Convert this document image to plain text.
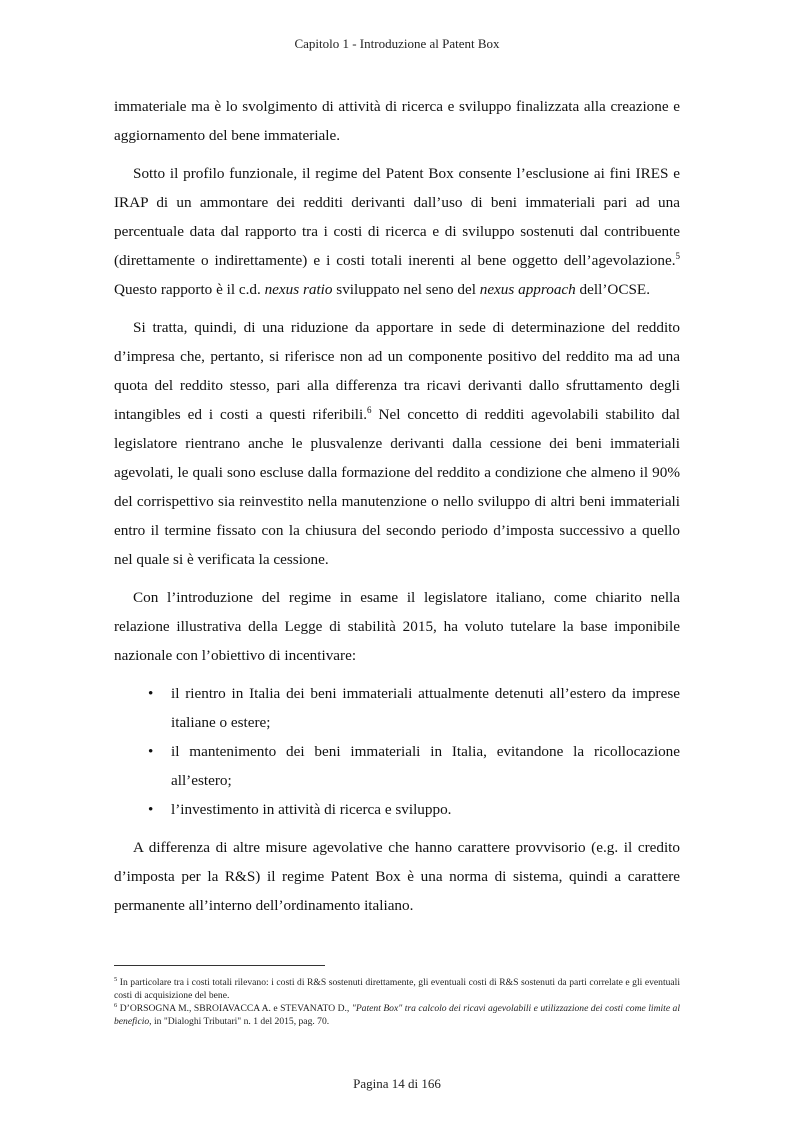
Capitolo 1 - Introduzione al Patent Box

immateriale ma è lo svolgimento di attività di ricerca e sviluppo finalizzata alla creazione e aggiornamento del bene immateriale.

Sotto il profilo funzionale, il regime del Patent Box consente l’esclusione ai fini IRES e IRAP di un ammontare dei redditi derivanti dall’uso di beni immateriali pari ad una percentuale data dal rapporto tra i costi di ricerca e di sviluppo sostenuti dal contribuente (direttamente o indirettamente) e i costi totali inerenti al bene oggetto dell’agevolazione.$^5$ Questo rapporto è il c.d. nexus ratio sviluppato nel seno del nexus approach dell’OCSE.

Si tratta, quindi, di una riduzione da apportare in sede di determinazione del reddito d’impresa che, pertanto, si riferisce non ad un componente positivo del reddito ma ad una quota del reddito stesso, pari alla differenza tra ricavi derivanti dallo sfruttamento degli intangibles ed i costi a questi riferibili.$^6$ Nel concetto di redditi agevolabili stabilito dal legislatore rientrano anche le plusvalenze derivanti dalla cessione dei beni immateriali agevolati, le quali sono escluse dalla formazione del reddito a condizione che almeno il 90% del corrispettivo sia reinvestito nella manutenzione o nello sviluppo di altri beni immateriali entro il termine fissato con la chiusura del secondo periodo d’imposta successivo a quello nel quale si è verificata la cessione.

Con l’introduzione del regime in esame il legislatore italiano, come chiarito nella relazione illustrativa della Legge di stabilità 2015, ha voluto tutelare la base imponibile nazionale con l’obiettivo di incentivare:

• il rientro in Italia dei beni immateriali attualmente detenuti all’estero da imprese italiane o estere;
• il mantenimento dei beni immateriali in Italia, evitandone la ricollocazione all’estero;
• l’investimento in attività di ricerca e sviluppo.

A differenza di altre misure agevolative che hanno carattere provvisorio (e.g. il credito d’imposta per la R&S) il regime Patent Box è una norma di sistema, quindi a carattere permanente all’interno dell’ordinamento italiano.

$^5$ In particolare tra i costi totali rilevano: i costi di R&S sostenuti direttamente, gli eventuali costi di R&S sostenuti da parti correlate e gli eventuali costi di acquisizione del bene.

$^6$ D’ORSOGNA M., SBROIAVACCA A. e STEVANATO D., "Patent Box" tra calcolo dei ricavi agevolabili e utilizzazione dei costi come limite al beneficio, in "Dialoghi Tributari" n. 1 del 2015, pag. 70.

Pagina 14 di 166
